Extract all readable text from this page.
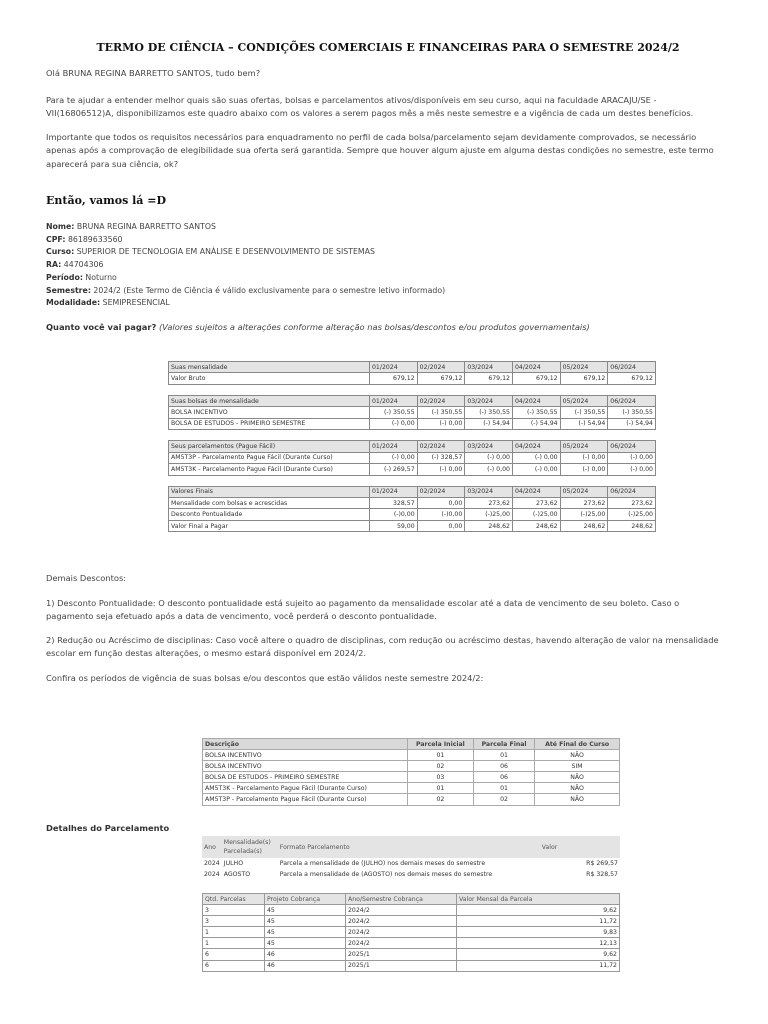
TERMO DE CIÊNCIA – CONDIÇÕES COMERCIAIS E FINANCEIRAS PARA O SEMESTRE 2024/2
Olá BRUNA REGINA BARRETTO SANTOS, tudo bem?
Para te ajudar a entender melhor quais são suas ofertas, bolsas e parcelamentos ativos/disponíveis em seu curso, aqui na faculdade ARACAJU/SE -
VII(16806512)A, disponibilizamos este quadro abaixo com os valores a serem pagos mês a mês neste semestre e a vigência de cada um destes benefícios.
Importante que todos os requisitos necessários para enquadramento no perfil de cada bolsa/parcelamento sejam devidamente comprovados, se necessário
apenas após a comprovação de elegibilidade sua oferta será garantida. Sempre que houver algum ajuste em alguma destas condições no semestre, este termo
aparecerá para sua ciência, ok?
Então, vamos lá =D
Nome: BRUNA REGINA BARRETTO SANTOS
CPF: 86189633560
Curso: SUPERIOR DE TECNOLOGIA EM ANÁLISE E DESENVOLVIMENTO DE SISTEMAS
RA: 44704306
Período: Noturno
Semestre: 2024/2 (Este Termo de Ciência é válido exclusivamente para o semestre letivo informado)
Modalidade: SEMIPRESENCIAL
Quanto você vai pagar? (Valores sujeitos a alterações conforme alteração nas bolsas/descontos e/ou produtos governamentais)
Suas mensalidade	01/2024	02/2024	03/2024	04/2024	05/2024	06/2024
Valor Bruto	679,12	679,12	679,12	679,12	679,12	679,12

Suas bolsas de mensalidade	01/2024	02/2024	03/2024	04/2024	05/2024	06/2024
BOLSA INCENTIVO	(-) 350,55	(-) 350,55	(-) 350,55	(-) 350,55	(-) 350,55	(-) 350,55
BOLSA DE ESTUDOS - PRIMEIRO SEMESTRE	(-) 0,00	(-) 0,00	(-) 54,94	(-) 54,94	(-) 54,94	(-) 54,94

Seus parcelamentos (Pague Fácil)	01/2024	02/2024	03/2024	04/2024	05/2024	06/2024
AM5T3P - Parcelamento Pague Fácil (Durante Curso)	(-) 0,00	(-) 328,57	(-) 0,00	(-) 0,00	(-) 0,00	(-) 0,00
AM5T3K - Parcelamento Pague Fácil (Durante Curso)	(-) 269,57	(-) 0,00	(-) 0,00	(-) 0,00	(-) 0,00	(-) 0,00

Valores Finais	01/2024	02/2024	03/2024	04/2024	05/2024	06/2024
Mensalidade com bolsas e acrescidas	328,57	0,00	273,62	273,62	273,62	273,62
Desconto Pontualidade	(-)0,00	(-)0,00	(-)25,00	(-)25,00	(-)25,00	(-)25,00
Valor Final a Pagar	59,00	0,00	248,62	248,62	248,62	248,62
Demais Descontos:
1) Desconto Pontualidade: O desconto pontualidade está sujeito ao pagamento da mensalidade escolar até a data de vencimento de seu boleto. Caso o
pagamento seja efetuado após a data de vencimento, você perderá o desconto pontualidade.
2) Redução ou Acréscimo de disciplinas: Caso você altere o quadro de disciplinas, com redução ou acréscimo destas, havendo alteração de valor na mensalidade
escolar em função destas alterações, o mesmo estará disponível em 2024/2.
Confira os períodos de vigência de suas bolsas e/ou descontos que estão válidos neste semestre 2024/2:
Descrição	Parcela Inicial	Parcela Final	Até Final do Curso
BOLSA INCENTIVO	01	01	NÃO
BOLSA INCENTIVO	02	06	SIM
BOLSA DE ESTUDOS - PRIMEIRO SEMESTRE	03	06	NÃO
AM5T3K - Parcelamento Pague Fácil (Durante Curso)	01	01	NÃO
AM5T3P - Parcelamento Pague Fácil (Durante Curso)	02	02	NÃO
Detalhes do Parcelamento
Ano	Mensalidade(s) Parcelada(s)	Formato Parcelamento	Valor
2024	JULHO	Parcela a mensalidade de (JULHO) nos demais meses do semestre	R$ 269,57
2024	AGOSTO	Parcela a mensalidade de (AGOSTO) nos demais meses do semestre	R$ 328,57
Qtd. Parcelas	Projeto Cobrança	Ano/Semestre Cobrança	Valor Mensal da Parcela
3	45	2024/2	9,62
3	45	2024/2	11,72
1	45	2024/2	9,83
1	45	2024/2	12,13
6	46	2025/1	9,62
6	46	2025/1	11,72
